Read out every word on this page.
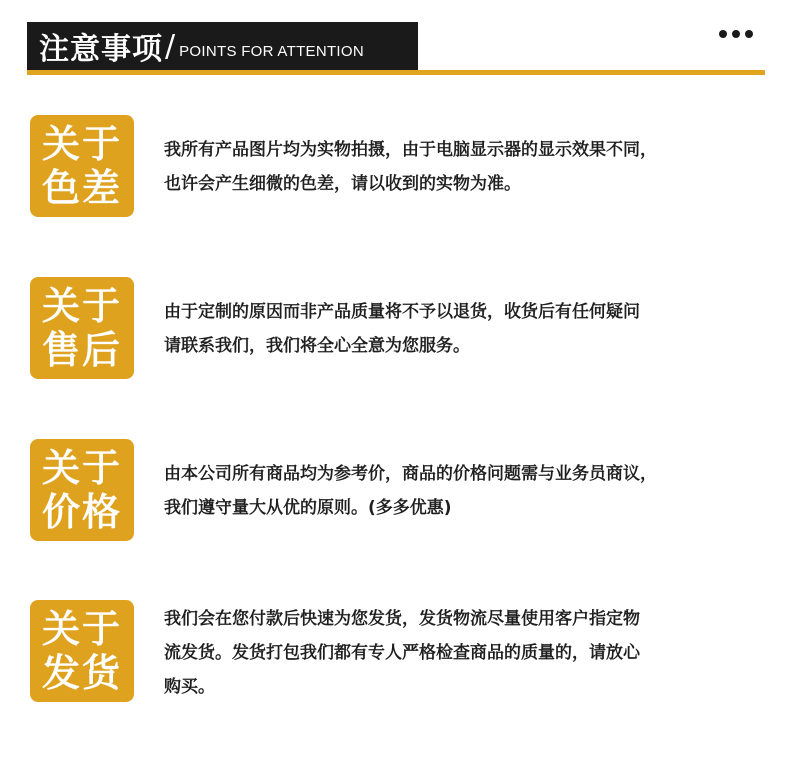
注意事项 / POINTS FOR ATTENTION
关于
色差

我所有产品图片均为实物拍摄，由于电脑显示器的显示效果不同，

也许会产生细微的色差，请以收到的实物为准。

关于
售后

由于定制的原因而非产品质量将不予以退货，收货后有任何疑问

请联系我们，我们将全心全意为您服务。

关于
价格

由本公司所有商品均为参考价，商品的价格问题需与业务员商议，

我们遵守量大从优的原则。(多多优惠)

关于
发货

我们会在您付款后快速为您发货，发货物流尽量使用客户指定物

流发货。发货打包我们都有专人严格检查商品的质量的，请放心

购买。
